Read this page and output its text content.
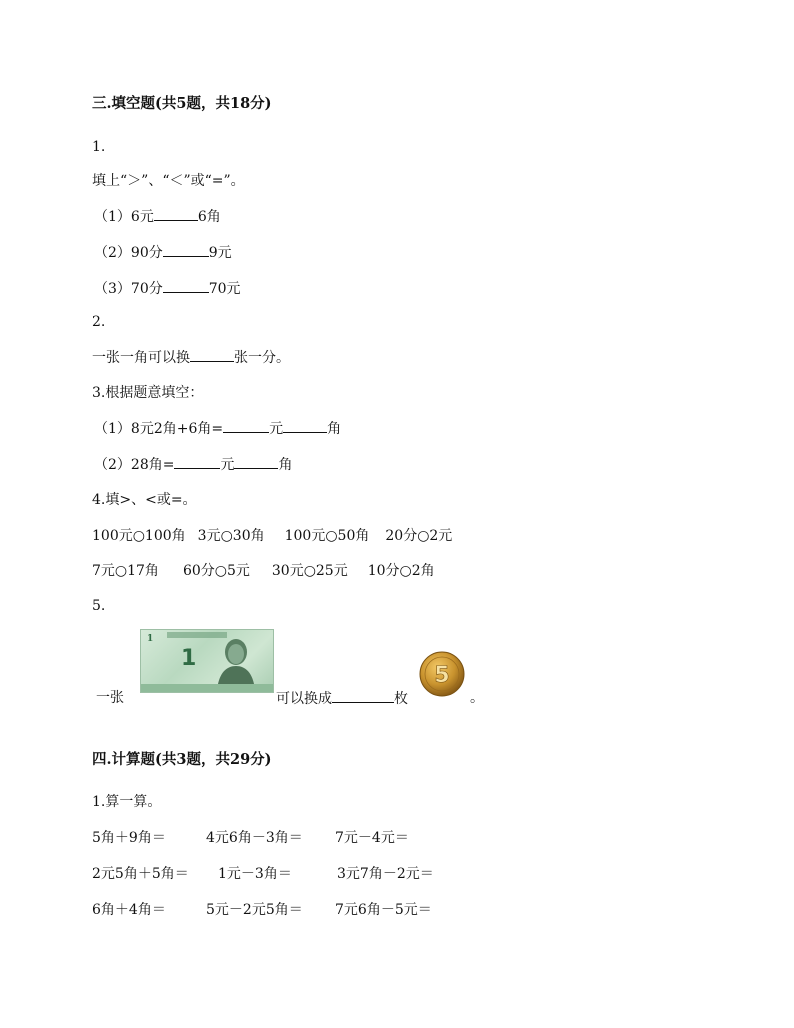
三.填空题(共5题，共18分)
1.
填上“＞”、“＜”或“=”。
（1）6元	6角
（2）90分	9元
（3）70分	70元
2.
一张一角可以换	张一分。
3.根据题意填空：
（1）8元2角+6角=	元	角
（2）28角=	元	角
4.填>、<或=。
100元○100角 3元○30角 100元○50角 20分○2元
7元○17角 60分○5元 30元○25元 10分○2角
5.
1
1
5
一张	可以换成	枚	。
四.计算题(共3题，共29分)
1.算一算。
5角＋9角＝	4元6角－3角＝ 7元－4元＝
2元5角＋5角＝ 1元－3角＝	3元7角－2元＝
6角＋4角＝	5元－2元5角＝ 7元6角－5元＝
